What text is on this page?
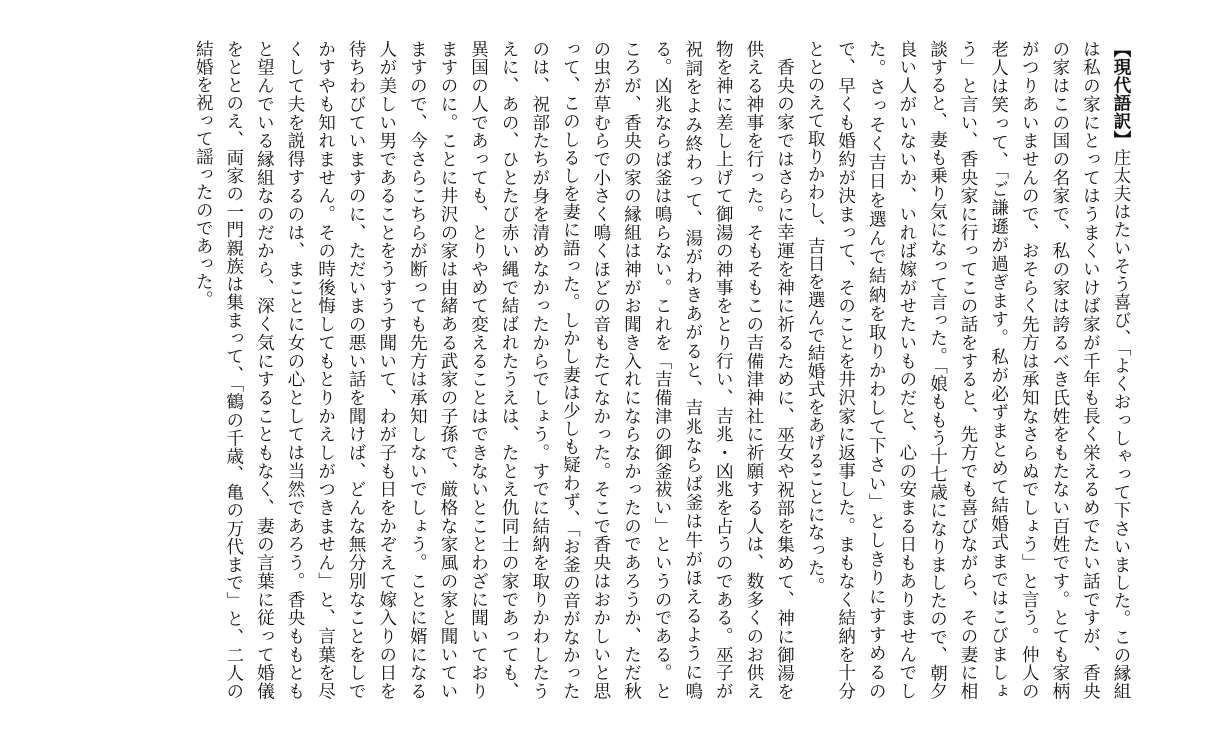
【現代語訳】庄太夫はたいそう喜び、「よくおっしゃって下さいました。この縁組は私の家にとってはうまくいけば家が千年も長く栄えるめでたい話ですが、香央の家はこの国の名家で、私の家は誇るべき氏姓をもたない百姓です。とても家柄がつりあいませんので、おそらく先方は承知なさらぬでしょう」と言う。仲人の老人は笑って、「ご謙遜が過ぎます。私が必ずまとめて結婚式まではこびましょう」と言い、香央家に行ってこの話をすると、先方でも喜びながら、その妻に相談すると、妻も乗り気になって言った。「娘ももう十七歳になりましたので、朝夕良い人がいないか、いれば嫁がせたいものだと、心の安まる日もありませんでした。さっそく吉日を選んで結納を取りかわして下さい」としきりにすすめるので、早くも婚約が決まって、そのことを井沢家に返事した。まもなく結納を十分ととのえて取りかわし、吉日を選んで結婚式をあげることになった。

香央の家ではさらに幸運を神に祈るために、巫女や祝部を集めて、神に御湯を供える神事を行った。そもそもこの吉備津神社に祈願する人は、数多くのお供え物を神に差し上げて御湯の神事をとり行い、吉兆・凶兆を占うのである。巫子が祝詞をよみ終わって、湯がわきあがると、吉兆ならば釜は牛がほえるように鳴る。凶兆ならば釜は鳴らない。これを「吉備津の御釜祓い」というのである。ところが、香央の家の縁組は神がお聞き入れにならなかったのであろうか、ただ秋の虫が草むらで小さく鳴くほどの音もたてなかった。そこで香央はおかしいと思って、このしるしを妻に語った。しかし妻は少しも疑わず、「お釜の音がなかったのは、祝部たちが身を清めなかったからでしょう。すでに結納を取りかわしたうえに、あの、ひとたび赤い縄で結ばれたうえは、たとえ仇同士の家であっても、異国の人であっても、とりやめて変えることはできないとことわざに聞いておりますのに。ことに井沢の家は由緒ある武家の子孫で、厳格な家風の家と聞いていますので、今さらこちらが断っても先方は承知しないでしょう。ことに婿になる人が美しい男であることをうすうす聞いて、わが子も日をかぞえて嫁入りの日を待ちわびていますのに、ただいまの悪い話を聞けば、どんな無分別なことをしでかすやも知れません。その時後悔してもとりかえしがつきません」と、言葉を尽くして夫を説得するのは、まことに女の心としては当然であろう。香央ももともと望んでいる縁組なのだから、深く気にすることもなく、妻の言葉に従って婚儀をととのえ、両家の一門親族は集まって、「鶴の千歳、亀の万代まで」と、二人の結婚を祝って謡ったのであった。
